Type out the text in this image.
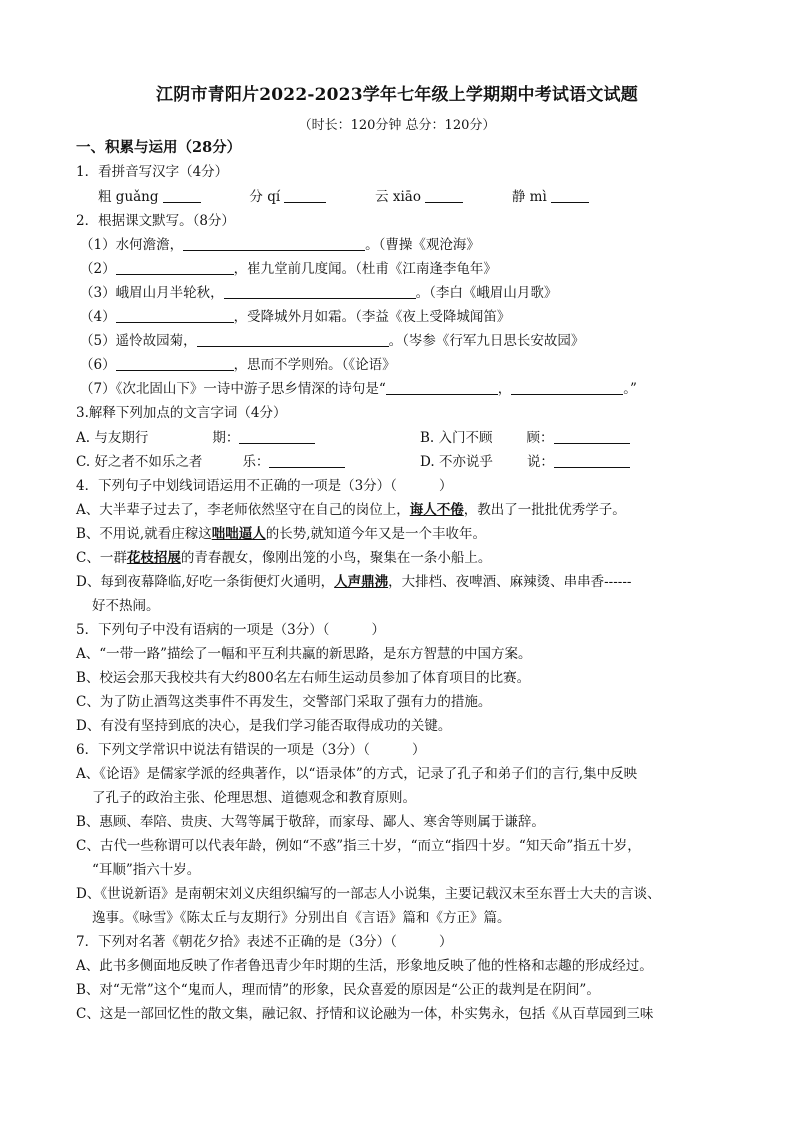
江阴市青阳片2022-2023学年七年级上学期期中考试语文试题
（时长：120分钟 总分：120分）
一、积累与运用（28分）
1．看拼音写汉字（4分）
粗 guǎng	分 qí	云 xiāo	静 mì
2．根据课文默写。（8分）
（1）水何澹澹，	。（曹操《观沧海》
（2）	，崔九堂前几度闻。（杜甫《江南逢李龟年》
（3）峨眉山月半轮秋，	。（李白《峨眉山月歌》
（4）	，受降城外月如霜。（李益《夜上受降城闻笛》
（5）遥怜故园菊，	。（岑参《行军九日思长安故园》
（6）	，思而不学则殆。（《论语》
（7）《次北固山下》一诗中游子思乡情深的诗句是“	，	。”
3.解释下列加点的文言字词（4分）
A. 与友期行	期：	B. 入门不顾	顾：
C. 好之者不如乐之者	乐：	D. 不亦说乎	说：
4．下列句子中划线词语运用不正确的一项是（3分）（	）
A、大半辈子过去了，李老师依然坚守在自己的岗位上，诲人不倦，教出了一批批优秀学子。
B、不用说,就看庄稼这咄咄逼人的长势,就知道今年又是一个丰收年。
C、一群花枝招展的青春靓女，像刚出笼的小鸟，聚集在一条小船上。
D、每到夜幕降临,好吃一条街便灯火通明，人声鼎沸，大排档、夜啤酒、麻辣烫、串串香------
好不热闹。
5．下列句子中没有语病的一项是（3分）（	）
A、“一带一路”描绘了一幅和平互利共赢的新思路，是东方智慧的中国方案。
B、校运会那天我校共有大约800名左右师生运动员参加了体育项目的比赛。
C、为了防止酒驾这类事件不再发生，交警部门采取了强有力的措施。
D、有没有坚持到底的决心，是我们学习能否取得成功的关键。
6．下列文学常识中说法有错误的一项是（3分）（	）
A、《论语》是儒家学派的经典著作，以“语录体”的方式，记录了孔子和弟子们的言行,集中反映
了孔子的政治主张、伦理思想、道德观念和教育原则。
B、惠顾、奉陪、贵庚、大驾等属于敬辞，而家母、鄙人、寒舍等则属于谦辞。
C、古代一些称谓可以代表年龄，例如“不惑”指三十岁，“而立“指四十岁。“知天命”指五十岁，
“耳顺”指六十岁。
D、《世说新语》是南朝宋刘义庆组织编写的一部志人小说集，主要记载汉末至东晋士大夫的言谈、
逸事。《咏雪》《陈太丘与友期行》分别出自《言语》篇和《方正》篇。
7．下列对名著《朝花夕拾》表述不正确的是（3分）（	）
A、此书多侧面地反映了作者鲁迅青少年时期的生活，形象地反映了他的性格和志趣的形成经过。
B、对“无常”这个“鬼而人，理而情”的形象，民众喜爱的原因是“公正的裁判是在阴间”。
C、这是一部回忆性的散文集，融记叙、抒情和议论融为一体，朴实隽永，包括《从百草园到三味
